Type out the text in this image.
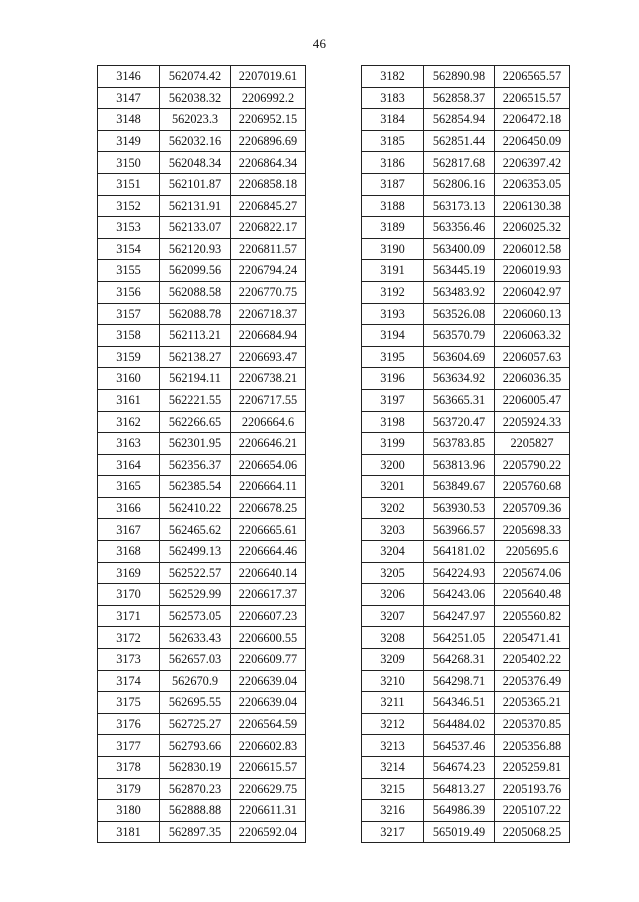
46
3146	562074.42	2207019.61
3147	562038.32	2206992.2
3148	562023.3	2206952.15
3149	562032.16	2206896.69
3150	562048.34	2206864.34
3151	562101.87	2206858.18
3152	562131.91	2206845.27
3153	562133.07	2206822.17
3154	562120.93	2206811.57
3155	562099.56	2206794.24
3156	562088.58	2206770.75
3157	562088.78	2206718.37
3158	562113.21	2206684.94
3159	562138.27	2206693.47
3160	562194.11	2206738.21
3161	562221.55	2206717.55
3162	562266.65	2206664.6
3163	562301.95	2206646.21
3164	562356.37	2206654.06
3165	562385.54	2206664.11
3166	562410.22	2206678.25
3167	562465.62	2206665.61
3168	562499.13	2206664.46
3169	562522.57	2206640.14
3170	562529.99	2206617.37
3171	562573.05	2206607.23
3172	562633.43	2206600.55
3173	562657.03	2206609.77
3174	562670.9	2206639.04
3175	562695.55	2206639.04
3176	562725.27	2206564.59
3177	562793.66	2206602.83
3178	562830.19	2206615.57
3179	562870.23	2206629.75
3180	562888.88	2206611.31
3181	562897.35	2206592.04
3182	562890.98	2206565.57
3183	562858.37	2206515.57
3184	562854.94	2206472.18
3185	562851.44	2206450.09
3186	562817.68	2206397.42
3187	562806.16	2206353.05
3188	563173.13	2206130.38
3189	563356.46	2206025.32
3190	563400.09	2206012.58
3191	563445.19	2206019.93
3192	563483.92	2206042.97
3193	563526.08	2206060.13
3194	563570.79	2206063.32
3195	563604.69	2206057.63
3196	563634.92	2206036.35
3197	563665.31	2206005.47
3198	563720.47	2205924.33
3199	563783.85	2205827
3200	563813.96	2205790.22
3201	563849.67	2205760.68
3202	563930.53	2205709.36
3203	563966.57	2205698.33
3204	564181.02	2205695.6
3205	564224.93	2205674.06
3206	564243.06	2205640.48
3207	564247.97	2205560.82
3208	564251.05	2205471.41
3209	564268.31	2205402.22
3210	564298.71	2205376.49
3211	564346.51	2205365.21
3212	564484.02	2205370.85
3213	564537.46	2205356.88
3214	564674.23	2205259.81
3215	564813.27	2205193.76
3216	564986.39	2205107.22
3217	565019.49	2205068.25
